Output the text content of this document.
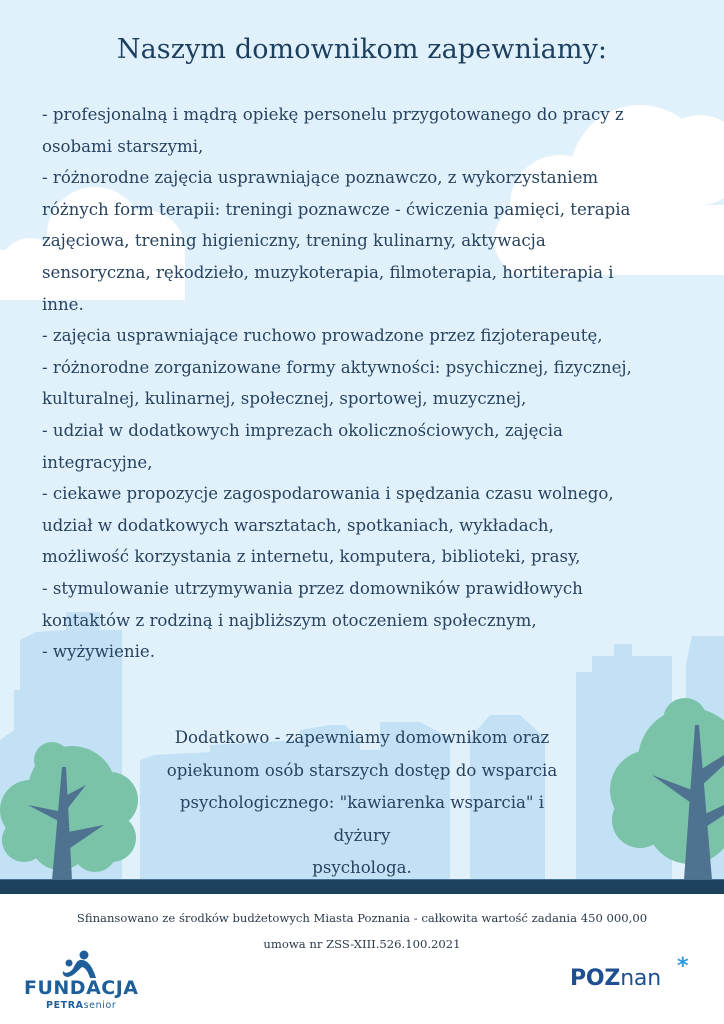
Naszym domownikom zapewniamy:
- profesjonalną i mądrą opiekę personelu przygotowanego do pracy z
osobami starszymi,
- różnorodne zajęcia usprawniające poznawczo, z wykorzystaniem
różnych form terapii: treningi poznawcze - ćwiczenia pamięci, terapia
zajęciowa, trening higieniczny, trening kulinarny, aktywacja
sensoryczna, rękodzieło, muzykoterapia, filmoterapia, hortiterapia i
inne.
- zajęcia usprawniające ruchowo prowadzone przez fizjoterapeutę,
- różnorodne zorganizowane formy aktywności: psychicznej, fizycznej,
kulturalnej, kulinarnej, społecznej, sportowej, muzycznej,
- udział w dodatkowych imprezach okolicznościowych, zajęcia
integracyjne,
- ciekawe propozycje zagospodarowania i spędzania czasu wolnego,
udział w dodatkowych warsztatach, spotkaniach, wykładach,
możliwość korzystania z internetu, komputera, biblioteki, prasy,
- stymulowanie utrzymywania przez domowników prawidłowych
kontaktów z rodziną i najbliższym otoczeniem społecznym,
- wyżywienie.
Dodatkowo - zapewniamy domownikom oraz
opiekunom osób starszych dostęp do wsparcia
psychologicznego: "kawiarenka wsparcia" i dyżury
psychologa.
Sfinansowano ze środków budżetowych Miasta Poznania - całkowita wartość zadania 450 000,00
umowa nr ZSS-XIII.526.100.2021
FUNDACJA
PETRAsenior
POZnan *
